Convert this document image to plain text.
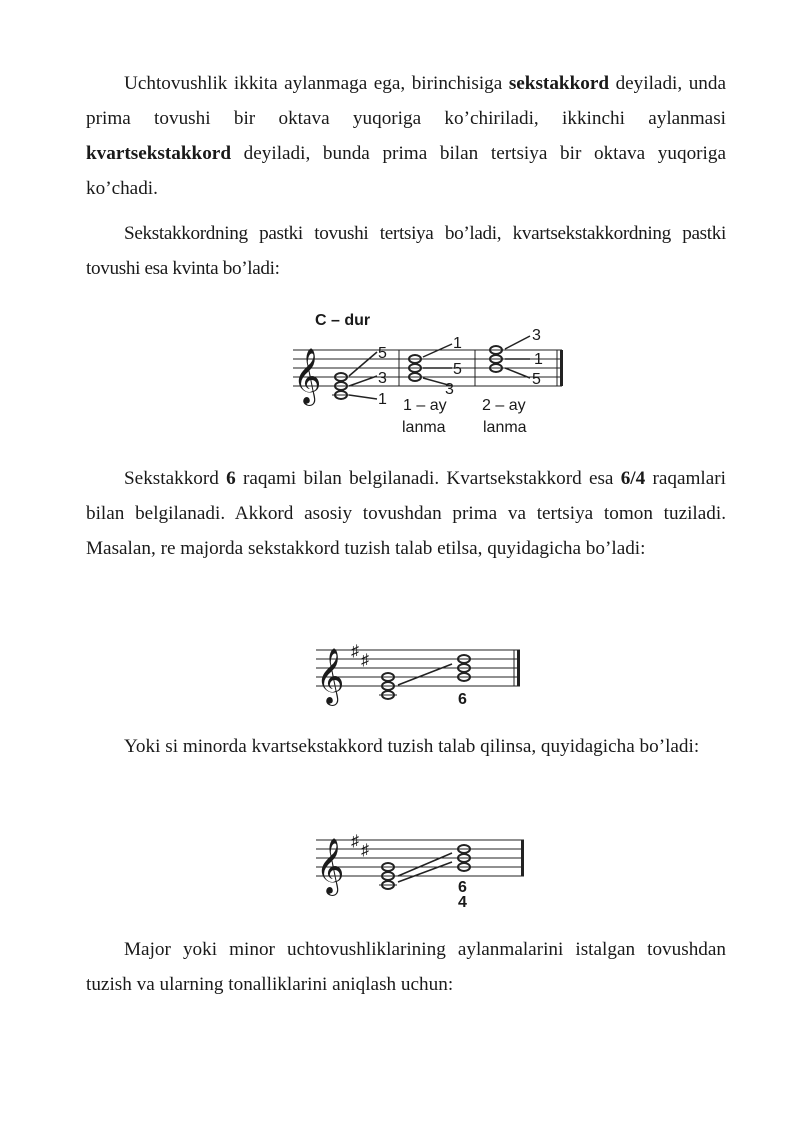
Uchtovushlik ikkita aylanmaga ega, birinchisiga sekstakkord deyiladi, unda prima tovushi bir oktava yuqoriga ko’chiriladi, ikkinchi aylanmasi kvartsekstakkord deyiladi, bunda prima bilan tertsiya bir oktava yuqoriga ko’chadi.

Sekstakkordning pastki tovushi tertsiya bo’ladi, kvartsekstakkordning pastki tovushi esa kvinta bo’ladi:

C – dur
𝄞	5
3
1
1
5
3
3
1
5
1 – ay
lanma
2 – ay
lanma

Sekstakkord 6 raqami bilan belgilanadi. Kvartsekstakkord esa 6/4 raqamlari bilan belgilanadi. Akkord asosiy tovushdan prima va tertsiya tomon tuziladi. Masalan, re majorda sekstakkord tuzish talab etilsa, quyidagicha bo’ladi:

𝄞 ♯
♯
6

Yoki si minorda kvartsekstakkord tuzish talab qilinsa, quyidagicha bo’ladi:

𝄞 ♯
♯
6
4

Major yoki minor uchtovushliklarining aylanmalarini istalgan tovushdan tuzish va ularning tonalliklarini aniqlash uchun:
